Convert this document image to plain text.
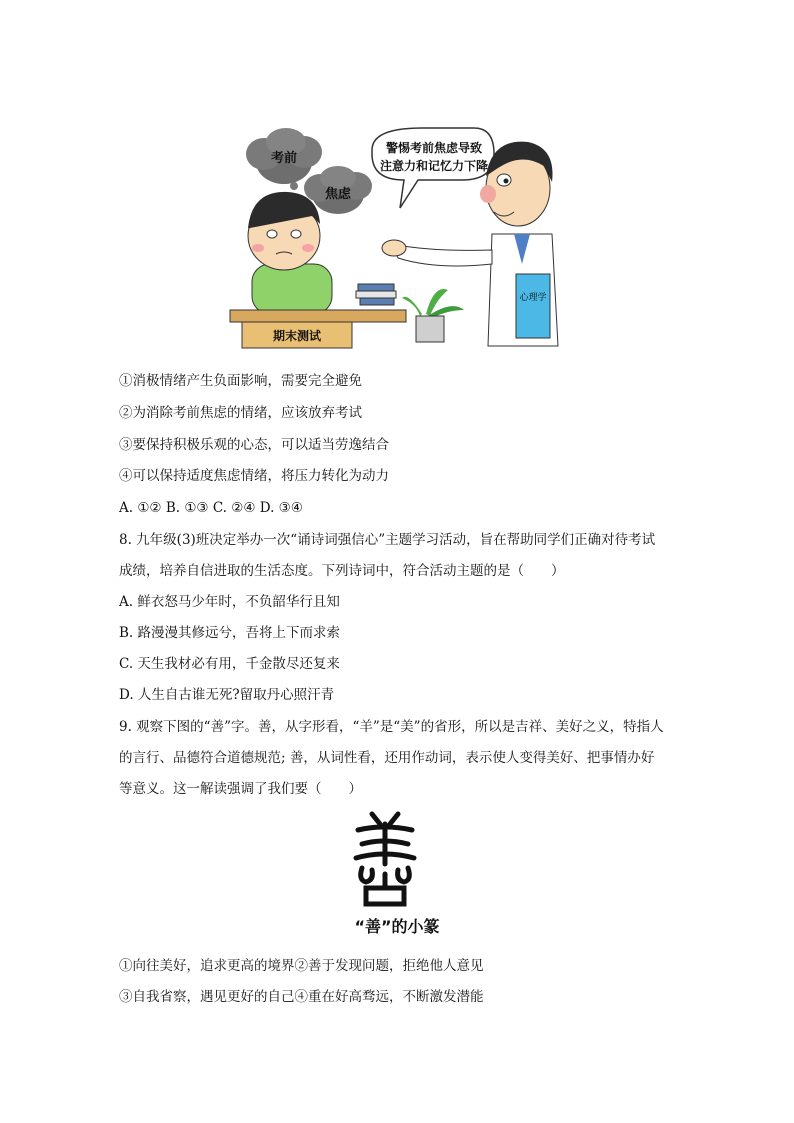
考前
焦虑
期末测试
警惕考前焦虑导致
注意力和记忆力下降
心理学
①消极情绪产生负面影响，需要完全避免
②为消除考前焦虑的情绪，应该放弃考试
③要保持积极乐观的心态，可以适当劳逸结合
④可以保持适度焦虑情绪，将压力转化为动力
A. ①② B. ①③ C. ②④ D. ③④
8. 九年级(3)班决定举办一次“诵诗词强信心”主题学习活动，旨在帮助同学们正确对待考试
成绩，培养自信进取的生活态度。下列诗词中，符合活动主题的是（　　）
A. 鲜衣怒马少年时，不负韶华行且知
B. 路漫漫其修远兮，吾将上下而求索
C. 天生我材必有用，千金散尽还复来
D. 人生自古谁无死?留取丹心照汗青
9. 观察下图的“善”字。善，从字形看，“羊”是“美”的省形，所以是吉祥、美好之义，特指人
的言行、品德符合道德规范; 善，从词性看，还用作动词，表示使人变得美好、把事情办好
等意义。这一解读强调了我们要（　　）
“善”的小篆
①向往美好，追求更高的境界②善于发现问题，拒绝他人意见
③自我省察，遇见更好的自己④重在好高骛远，不断激发潜能
